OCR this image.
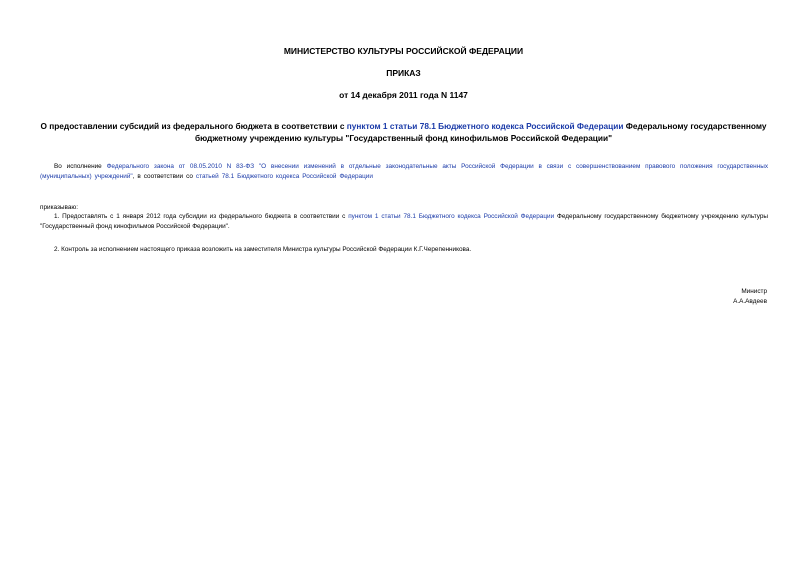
МИНИСТЕРСТВО КУЛЬТУРЫ РОССИЙСКОЙ ФЕДЕРАЦИИ
ПРИКАЗ
от 14 декабря 2011 года N 1147
О предоставлении субсидий из федерального бюджета в соответствии с пунктом 1 статьи 78.1 Бюджетного кодекса Российской Федерации Федеральному государственному бюджетному учреждению культуры "Государственный фонд кинофильмов Российской Федерации"

Во исполнение Федерального закона от 08.05.2010 N 83-ФЗ "О внесении изменений в отдельные законодательные акты Российской Федерации в связи с совершенствованием правового положения государственных (муниципальных) учреждений", в соответствии со статьей 78.1 Бюджетного кодекса Российской Федерации

приказываю:

1. Предоставлять с 1 января 2012 года субсидии из федерального бюджета в соответствии с пунктом 1 статьи 78.1 Бюджетного кодекса Российской Федерации Федеральному государственному бюджетному учреждению культуры "Государственный фонд кинофильмов Российской Федерации".

2. Контроль за исполнением настоящего приказа возложить на заместителя Министра культуры Российской Федерации К.Г.Черепенникова.

Министр
А.А.Авдеев
